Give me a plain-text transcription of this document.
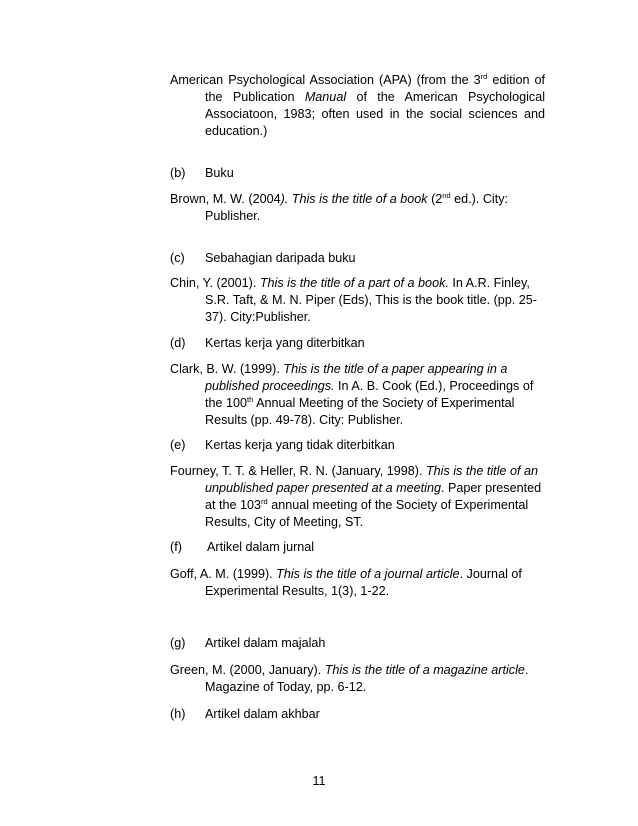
American Psychological Association (APA) (from the 3rd edition of the Publication Manual of the American Psychological Associatoon, 1983; often used in the social sciences and education.)

(b) Buku

Brown, M. W. (2004). This is the title of a book (2nd ed.). City: Publisher.

(c) Sebahagian daripada buku

Chin, Y. (2001). This is the title of a part of a book. In A.R. Finley, S.R. Taft, & M. N. Piper (Eds), This is the book title. (pp. 25-37). City:Publisher.

(d) Kertas kerja yang diterbitkan

Clark, B. W. (1999). This is the title of a paper appearing in a published proceedings. In A. B. Cook (Ed.), Proceedings of the 100th Annual Meeting of the Society of Experimental Results (pp. 49-78). City: Publisher.

(e) Kertas kerja yang tidak diterbitkan

Fourney, T. T. & Heller, R. N. (January, 1998). This is the title of an unpublished paper presented at a meeting. Paper presented at the 103rd annual meeting of the Society of Experimental Results, City of Meeting, ST.

(f) Artikel dalam jurnal

Goff, A. M. (1999). This is the title of a journal article. Journal of Experimental Results, 1(3), 1-22.

(g) Artikel dalam majalah

Green, M. (2000, January). This is the title of a magazine article. Magazine of Today, pp. 6-12.

(h) Artikel dalam akhbar
11
